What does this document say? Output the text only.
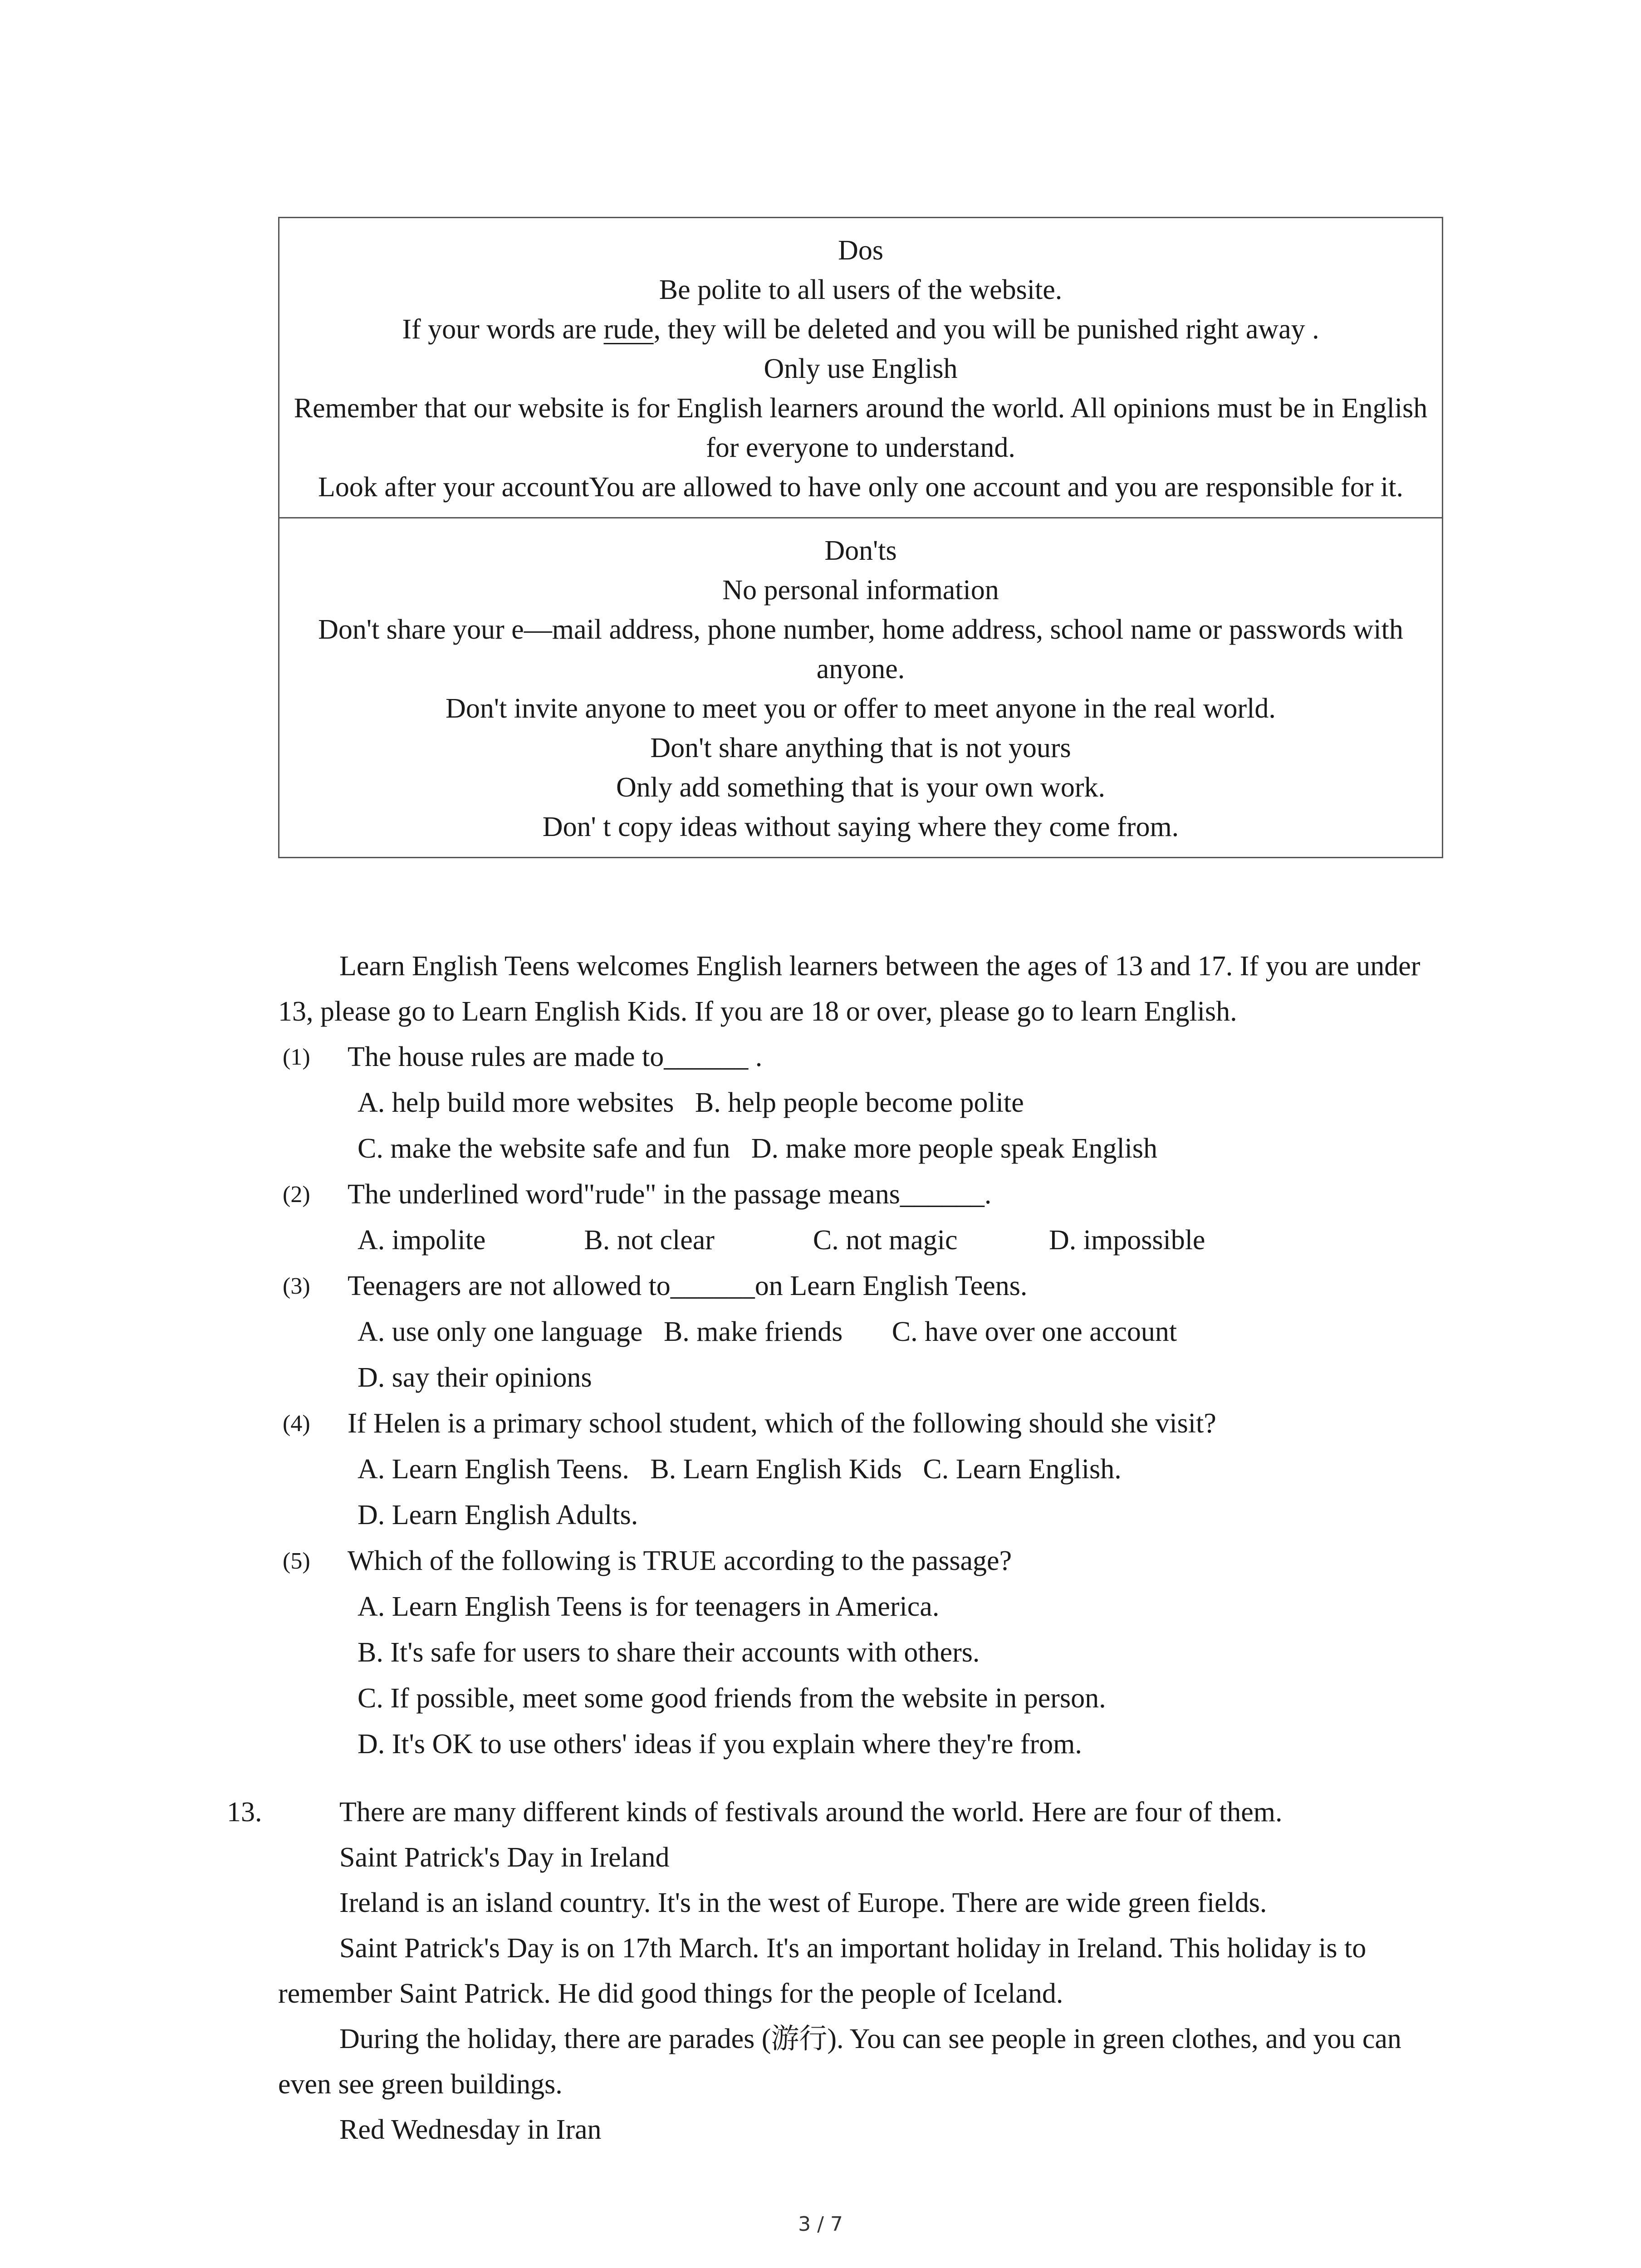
Dos

Be polite to all users of the website.

If your words are rude, they will be deleted and you will be punished right away .

Only use English

Remember that our website is for English learners around the world. All opinions must be in English for everyone to understand.

Look after your accountYou are allowed to have only one account and you are responsible for it.

Don'ts

No personal information

Don't share your e—mail address, phone number, home address, school name or passwords with anyone.

Don't invite anyone to meet you or offer to meet anyone in the real world.

Don't share anything that is not yours

Only add something that is your own work.

Don' t copy ideas without saying where they come from.

Learn English Teens welcomes English learners between the ages of 13 and 17. If you are under 13, please go to Learn English Kids. If you are 18 or over, please go to learn English.

(1)	The house rules are made to______ .
A. help build more websites   B. help people become polite
C. make the website safe and fun   D. make more people speak English
(2)	The underlined word"rude" in the passage means______.
A. impolite              B. not clear              C. not magic             D. impossible
(3)	Teenagers are not allowed to______on Learn English Teens.
A. use only one language   B. make friends       C. have over one account
D. say their opinions
(4)	If Helen is a primary school student, which of the following should she visit?
A. Learn English Teens.   B. Learn English Kids   C. Learn English.
D. Learn English Adults.
(5)	Which of the following is TRUE according to the passage?
A. Learn English Teens is for teenagers in America.
B. It's safe for users to share their accounts with others.
C. If possible, meet some good friends from the website in person.
D. It's OK to use others' ideas if you explain where they're from.
13.	There are many different kinds of festivals around the world. Here are four of them.

Saint Patrick's Day in Ireland

Ireland is an island country. It's in the west of Europe. There are wide green fields.

Saint Patrick's Day is on 17th March. It's an important holiday in Ireland. This holiday is to remember Saint Patrick. He did good things for the people of Iceland.

During the holiday, there are parades (游行). You can see people in green clothes, and you can even see green buildings.

Red Wednesday in Iran

3 / 7
